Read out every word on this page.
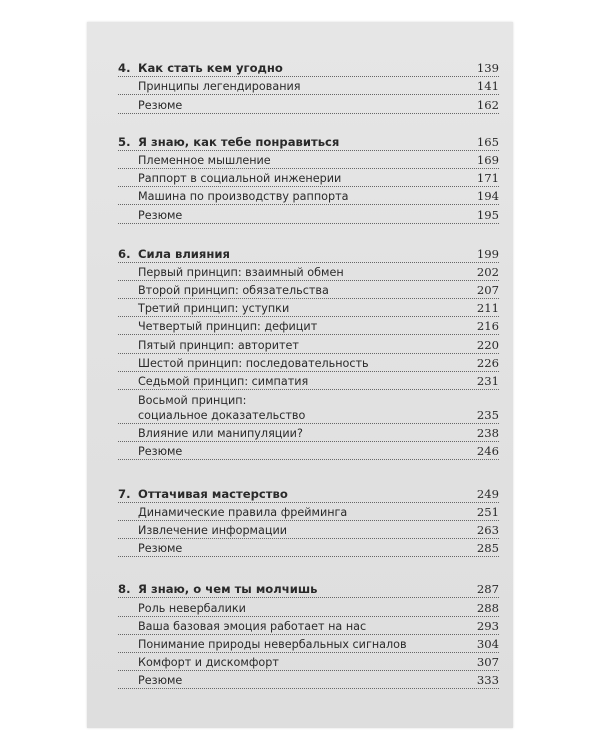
4. Как стать кем угодно	139
Принципы легендирования	141
Резюме	162
5. Я знаю, как тебе понравиться	165
Племенное мышление	169
Раппорт в социальной инженерии	171
Машина по производству раппорта	194
Резюме	195
6. Сила влияния	199
Первый принцип: взаимный обмен	202
Второй принцип: обязательства	207
Третий принцип: уступки	211
Четвертый принцип: дефицит	216
Пятый принцип: авторитет	220
Шестой принцип: последовательность	226
Седьмой принцип: симпатия	231
Восьмой принцип:
социальное доказательство	235
Влияние или манипуляции?	238
Резюме	246
7. Оттачивая мастерство	249
Динамические правила фрейминга	251
Извлечение информации	263
Резюме	285
8. Я знаю, о чем ты молчишь	287
Роль невербалики	288
Ваша базовая эмоция работает на нас	293
Понимание природы невербальных сигналов	304
Комфорт и дискомфорт	307
Резюме	333
